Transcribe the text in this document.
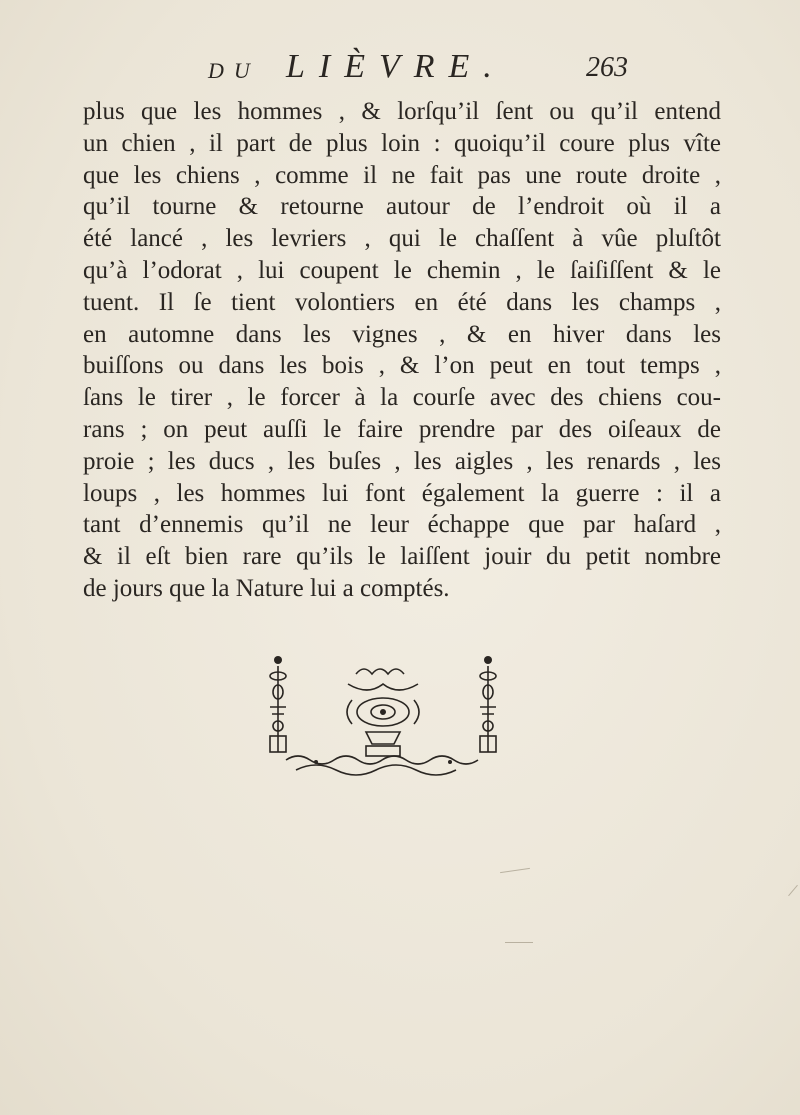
DU LIÈVRE.	263
plus que les hommes , & lorſqu’il ſent ou qu’il entend
un chien , il part de plus loin : quoiqu’il coure plus vîte
que les chiens , comme il ne fait pas une route droite ,
qu’il tourne & retourne autour de l’endroit où il a
été lancé , les levriers , qui le chaſſent à vûe pluſtôt
qu’à l’odorat , lui coupent le chemin , le ſaiſiſſent & le
tuent. Il ſe tient volontiers en été dans les champs ,
en automne dans les vignes , & en hiver dans les
buiſſons ou dans les bois , & l’on peut en tout temps ,
ſans le tirer , le forcer à la courſe avec des chiens cou-
rans ; on peut auſſi le faire prendre par des oiſeaux de
proie ; les ducs , les buſes , les aigles , les renards , les
loups , les hommes lui font également la guerre : il a
tant d’ennemis qu’il ne leur échappe que par haſard ,
& il eſt bien rare qu’ils le laiſſent jouir du petit nombre
de jours que la Nature lui a comptés.
